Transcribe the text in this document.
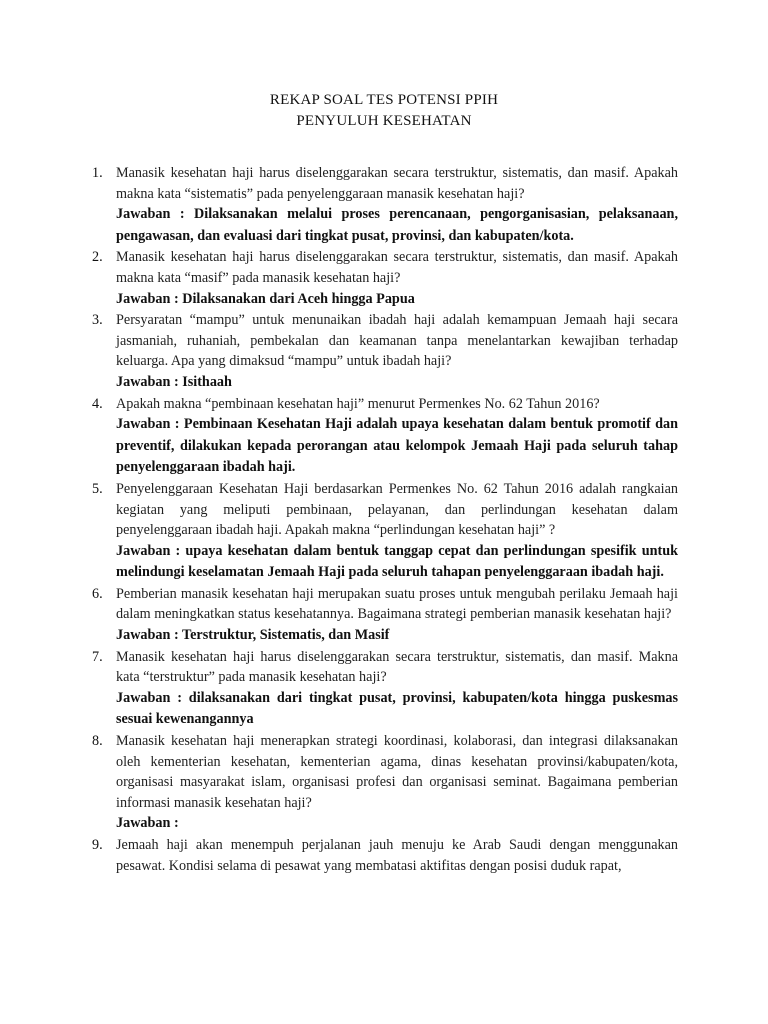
REKAP SOAL TES POTENSI PPIH
PENYULUH KESEHATAN
1. Manasik kesehatan haji harus diselenggarakan secara terstruktur, sistematis, dan masif. Apakah makna kata “sistematis” pada penyelenggaraan manasik kesehatan haji?
Jawaban : Dilaksanakan melalui proses perencanaan, pengorganisasian, pelaksanaan, pengawasan, dan evaluasi dari tingkat pusat, provinsi, dan kabupaten/kota.
2. Manasik kesehatan haji harus diselenggarakan secara terstruktur, sistematis, dan masif. Apakah makna kata “masif” pada manasik kesehatan haji?
Jawaban : Dilaksanakan dari Aceh hingga Papua
3. Persyaratan “mampu” untuk menunaikan ibadah haji adalah kemampuan Jemaah haji secara jasmaniah, ruhaniah, pembekalan dan keamanan tanpa menelantarkan kewajiban terhadap keluarga. Apa yang dimaksud “mampu” untuk ibadah haji?
Jawaban : Isithaah
4. Apakah makna “pembinaan kesehatan haji” menurut Permenkes No. 62 Tahun 2016?
Jawaban : Pembinaan Kesehatan Haji adalah upaya kesehatan dalam bentuk promotif dan preventif, dilakukan kepada perorangan atau kelompok Jemaah Haji pada seluruh tahap penyelenggaraan ibadah haji.
5. Penyelenggaraan Kesehatan Haji berdasarkan Permenkes No. 62 Tahun 2016 adalah rangkaian kegiatan yang meliputi pembinaan, pelayanan, dan perlindungan kesehatan dalam penyelenggaraan ibadah haji. Apakah makna “perlindungan kesehatan haji” ?
Jawaban : upaya kesehatan dalam bentuk tanggap cepat dan perlindungan spesifik untuk melindungi keselamatan Jemaah Haji pada seluruh tahapan penyelenggaraan ibadah haji.
6. Pemberian manasik kesehatan haji merupakan suatu proses untuk mengubah perilaku Jemaah haji dalam meningkatkan status kesehatannya. Bagaimana strategi pemberian manasik kesehatan haji?
Jawaban : Terstruktur, Sistematis, dan Masif
7. Manasik kesehatan haji harus diselenggarakan secara terstruktur, sistematis, dan masif. Makna kata “terstruktur” pada manasik kesehatan haji?
Jawaban : dilaksanakan dari tingkat pusat, provinsi, kabupaten/kota hingga puskesmas sesuai kewenangannya
8. Manasik kesehatan haji menerapkan strategi koordinasi, kolaborasi, dan integrasi dilaksanakan oleh kementerian kesehatan, kementerian agama, dinas kesehatan provinsi/kabupaten/kota, organisasi masyarakat islam, organisasi profesi dan organisasi seminat. Bagaimana pemberian informasi manasik kesehatan haji?
Jawaban :
9. Jemaah haji akan menempuh perjalanan jauh menuju ke Arab Saudi dengan menggunakan pesawat. Kondisi selama di pesawat yang membatasi aktifitas dengan posisi duduk rapat,
